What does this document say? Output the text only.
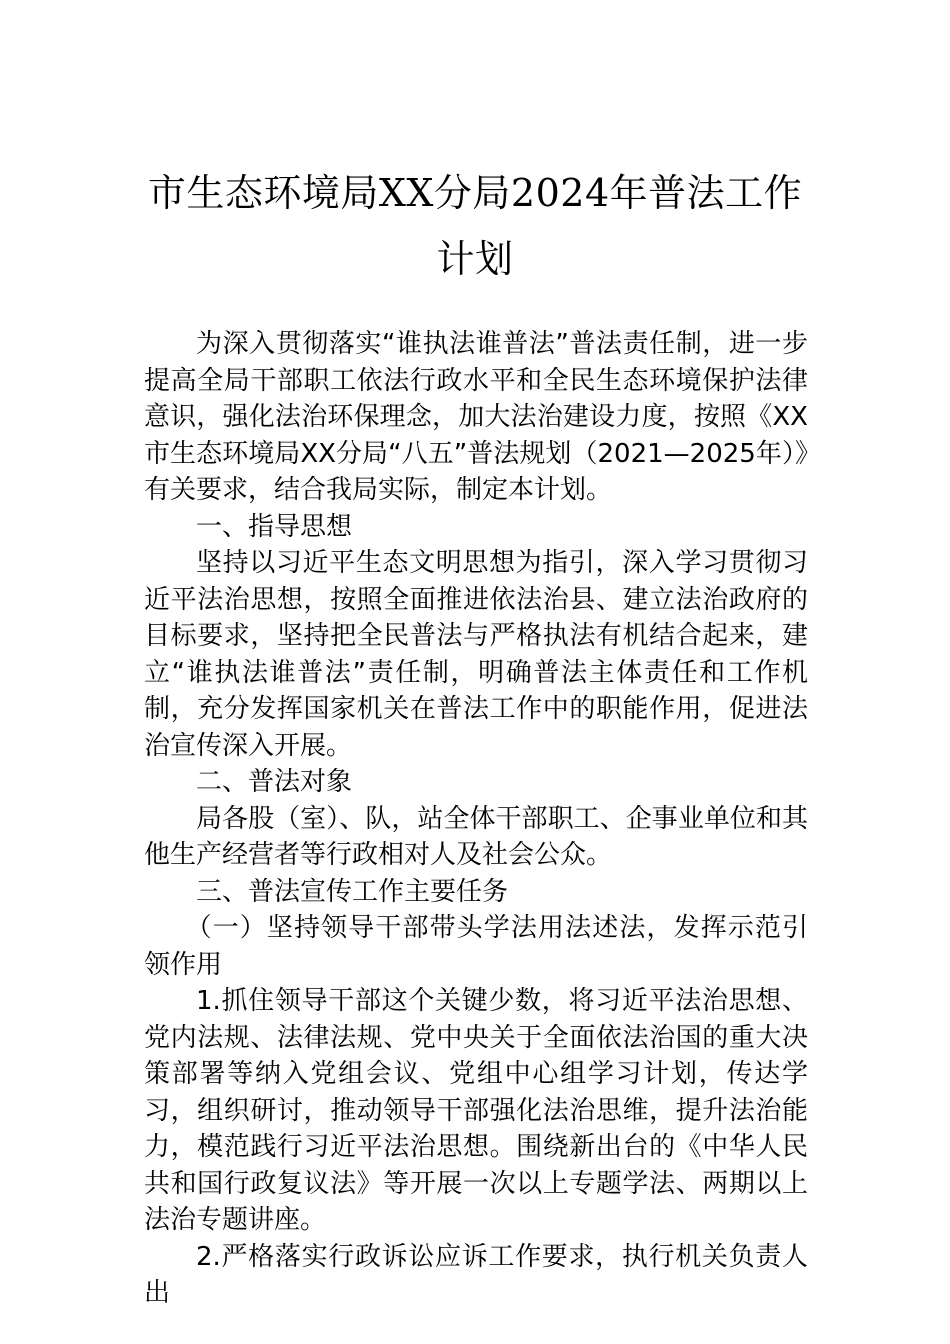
市生态环境局XX分局2024年普法工作计划

为深入贯彻落实“谁执法谁普法”普法责任制，进一步提高全局干部职工依法行政水平和全民生态环境保护法律意识，强化法治环保理念，加大法治建设力度，按照《XX市生态环境局XX分局“八五”普法规划（2021—2025年）》有关要求，结合我局实际，制定本计划。

一、指导思想

坚持以习近平生态文明思想为指引，深入学习贯彻习近平法治思想，按照全面推进依法治县、建立法治政府的目标要求，坚持把全民普法与严格执法有机结合起来，建立“谁执法谁普法”责任制，明确普法主体责任和工作机制，充分发挥国家机关在普法工作中的职能作用，促进法治宣传深入开展。

二、普法对象

局各股（室）、队，站全体干部职工、企事业单位和其他生产经营者等行政相对人及社会公众。

三、普法宣传工作主要任务

（一）坚持领导干部带头学法用法述法，发挥示范引领作用

1.抓住领导干部这个关键少数，将习近平法治思想、党内法规、法律法规、党中央关于全面依法治国的重大决策部署等纳入党组会议、党组中心组学习计划，传达学习，组织研讨，推动领导干部强化法治思维，提升法治能力，模范践行习近平法治思想。围绕新出台的《中华人民共和国行政复议法》等开展一次以上专题学法、两期以上法治专题讲座。

2.严格落实行政诉讼应诉工作要求，执行机关负责人出
